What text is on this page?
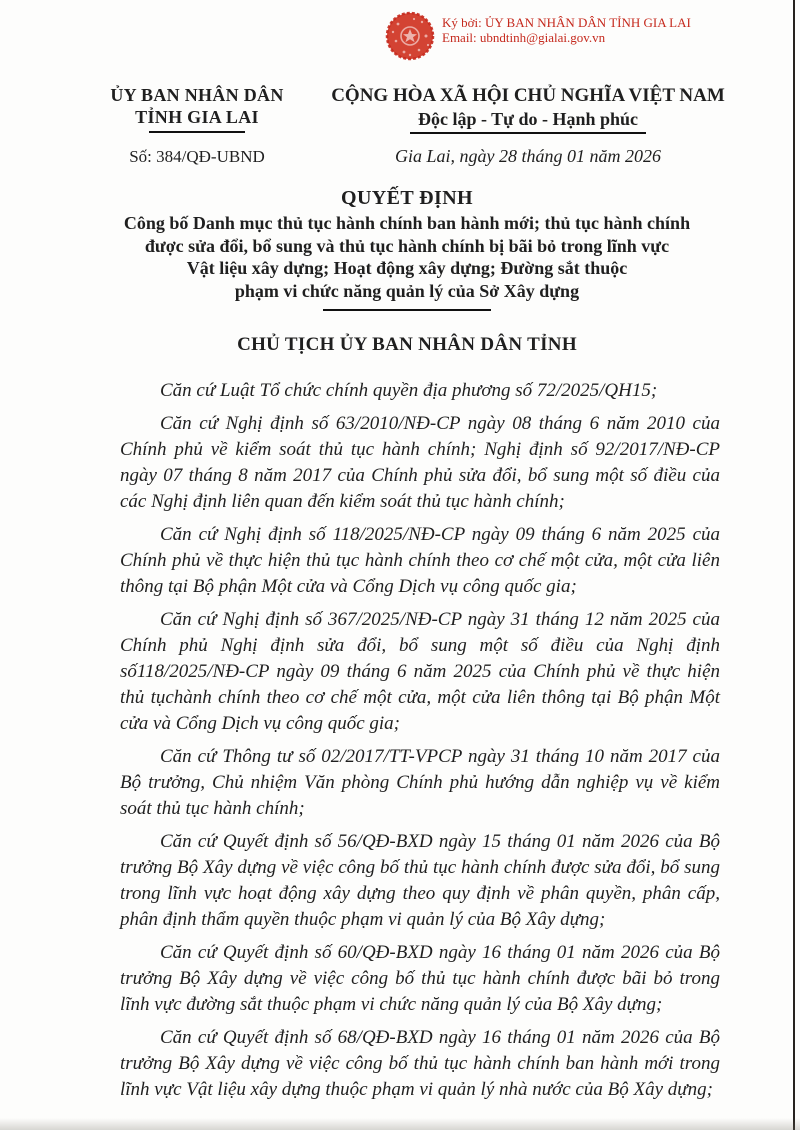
Ký bởi: ỦY BAN NHÂN DÂN TỈNH GIA LAI
Email: ubndtinh@gialai.gov.vn
ỦY BAN NHÂN DÂN
TỈNH GIA LAI
Số: 384/QĐ-UBND
CỘNG HÒA XÃ HỘI CHỦ NGHĨA VIỆT NAM
Độc lập - Tự do - Hạnh phúc
Gia Lai, ngày 28 tháng 01 năm 2026
QUYẾT ĐỊNH
Công bố Danh mục thủ tục hành chính ban hành mới; thủ tục hành chính
được sửa đổi, bổ sung và thủ tục hành chính bị bãi bỏ trong lĩnh vực
Vật liệu xây dựng; Hoạt động xây dựng; Đường sắt thuộc
phạm vi chức năng quản lý của Sở Xây dựng
CHỦ TỊCH ỦY BAN NHÂN DÂN TỈNH

Căn cứ Luật Tổ chức chính quyền địa phương số 72/2025/QH15;

Căn cứ Nghị định số 63/2010/NĐ-CP ngày 08 tháng 6 năm 2010 của Chính phủ về kiểm soát thủ tục hành chính; Nghị định số 92/2017/NĐ-CP ngày 07 tháng 8 năm 2017 của Chính phủ sửa đổi, bổ sung một số điều của các Nghị định liên quan đến kiểm soát thủ tục hành chính;

Căn cứ Nghị định số 118/2025/NĐ-CP ngày 09 tháng 6 năm 2025 của Chính phủ về thực hiện thủ tục hành chính theo cơ chế một cửa, một cửa liên thông tại Bộ phận Một cửa và Cổng Dịch vụ công quốc gia;

Căn cứ Nghị định số 367/2025/NĐ-CP ngày 31 tháng 12 năm 2025 của Chính phủ Nghị định sửa đổi, bổ sung một số điều của Nghị định số118/2025/NĐ-CP ngày 09 tháng 6 năm 2025 của Chính phủ về thực hiện thủ tụchành chính theo cơ chế một cửa, một cửa liên thông tại Bộ phận Một cửa và Cổng Dịch vụ công quốc gia;

Căn cứ Thông tư số 02/2017/TT-VPCP ngày 31 tháng 10 năm 2017 của Bộ trưởng, Chủ nhiệm Văn phòng Chính phủ hướng dẫn nghiệp vụ về kiểm soát thủ tục hành chính;

Căn cứ Quyết định số 56/QĐ-BXD ngày 15 tháng 01 năm 2026 của Bộ trưởng Bộ Xây dựng về việc công bố thủ tục hành chính được sửa đổi, bổ sung trong lĩnh vực hoạt động xây dựng theo quy định về phân quyền, phân cấp, phân định thẩm quyền thuộc phạm vi quản lý của Bộ Xây dựng;

Căn cứ Quyết định số 60/QĐ-BXD ngày 16 tháng 01 năm 2026 của Bộ trưởng Bộ Xây dựng về việc công bố thủ tục hành chính được bãi bỏ trong lĩnh vực đường sắt thuộc phạm vi chức năng quản lý của Bộ Xây dựng;

Căn cứ Quyết định số 68/QĐ-BXD ngày 16 tháng 01 năm 2026 của Bộ trưởng Bộ Xây dựng về việc công bố thủ tục hành chính ban hành mới trong lĩnh vực Vật liệu xây dựng thuộc phạm vi quản lý nhà nước của Bộ Xây dựng;
